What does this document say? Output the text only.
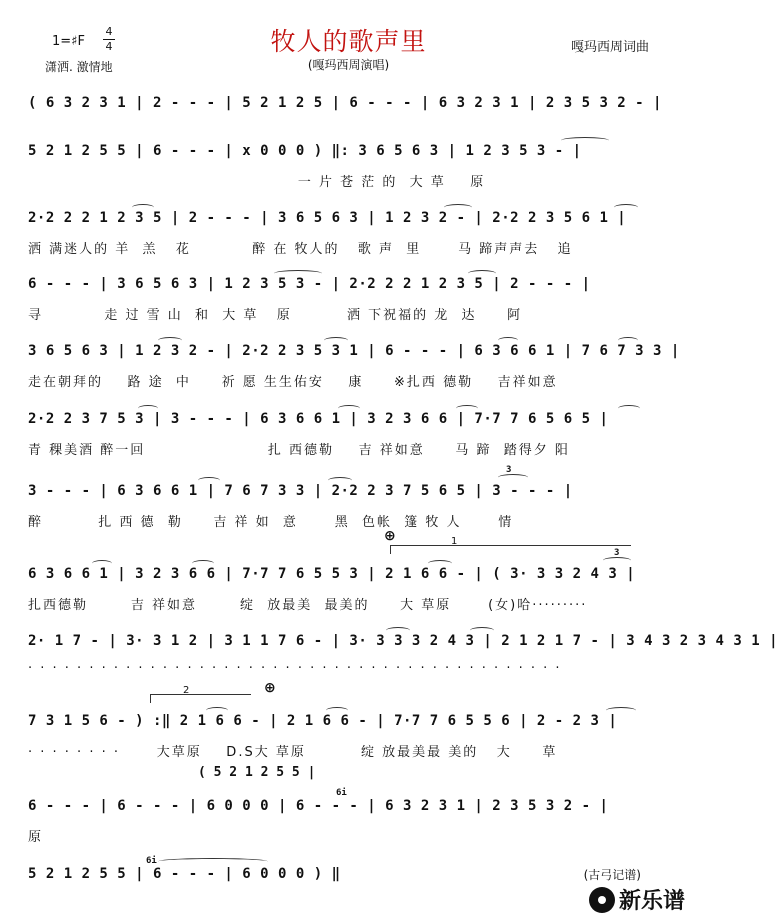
1=♯F
4
4
潇洒. 激情地
牧人的歌声里
(嘎玛西周演唱)
嘎玛西周词曲
( 6 3 2 3 1 | 2 - - - | 5 2 1 2 5 | 6 - - - | 6 3 2 3 1 | 2 3 5 3 2 - |
5 2 1 2 5 5 | 6 - - - | x 0 0 0 ) ‖: 3 6 5 6 3 | 1 2 3 5 3 - |
一 片 苍 茫 的  大 草    原
2·2 2 2 1 2 3 5 | 2 - - - | 3 6 5 6 3 | 1 2 3 2 - | 2·2 2 3 5 6 1 |
洒 满迷人的 羊  羔   花          醉 在 牧人的   歌 声  里      马 蹄声声去   追
6 - - - | 3 6 5 6 3 | 1 2 3 5 3 - | 2·2 2 2 1 2 3 5 | 2 - - - |
寻          走 过 雪 山  和  大 草   原         洒 下祝福的 龙  达     阿
3 6 5 6 3 | 1 2 3 2 - | 2·2 2 3 5 3 1 | 6 - - - | 6 3 6 6 1 | 7 6 7 3 3 |
走在朝拜的    路 途  中     祈 愿 生生佑安    康     ※扎西 德勒    吉祥如意
2·2 2 3 7 5 3 | 3 - - - | 6 3 6 6 1 | 3 2 3 6 6 | 7·7 7 6 5 6 5 |
青 稞美酒 醉一回                    扎 西德勒    吉 祥如意     马 蹄  踏得夕 阳
3 - - - | 6 3 6 6 1 | 7 6 7 3 3 | 2·2 2 3 7 5 6 5 | 3 - - - |
醉         扎 西 德  勒     吉 祥 如  意      黑  色帐  篷 牧 人      情
3
⊕	1
6 3 6 6 1 | 3 2 3 6 6 | 7·7 7 6 5 5 3 | 2 1 6 6 - | ( 3· 3 3 2 4 3 |
扎西德勒       吉 祥如意       绽  放最美  最美的     大 草原      (女)哈·········
3
2· 1 7 - | 3· 3 1 2 | 3 1 1 7 6 - | 3· 3 3 3 2 4 3 | 2 1 2 1 7 - | 3 4 3 2 3 4 3 1 |
· · · · · · · · · · · · · · · · · · · · · · · · · · · · · · · · · · · · · · · · · · · ·
2	⊕
7 3 1 5 6 - ) :‖ 2 1 6 6 - | 2 1 6 6 - | 7·7 7 6 5 5 6 | 2 - 2 3 |
· · · · · · · ·      大草原    D.S大 草原         绽 放最美最 美的   大     草
( 5 2 1 2 5 5 |
6 - - - | 6 - - - | 6 0 0 0 | 6 - - - | 6 3 2 3 1 | 2 3 5 3 2 - |
原
6i
5 2 1 2 5 5 | 6 - - - | 6 0 0 0 ) ‖
6i
(古弓记谱)
新乐谱
